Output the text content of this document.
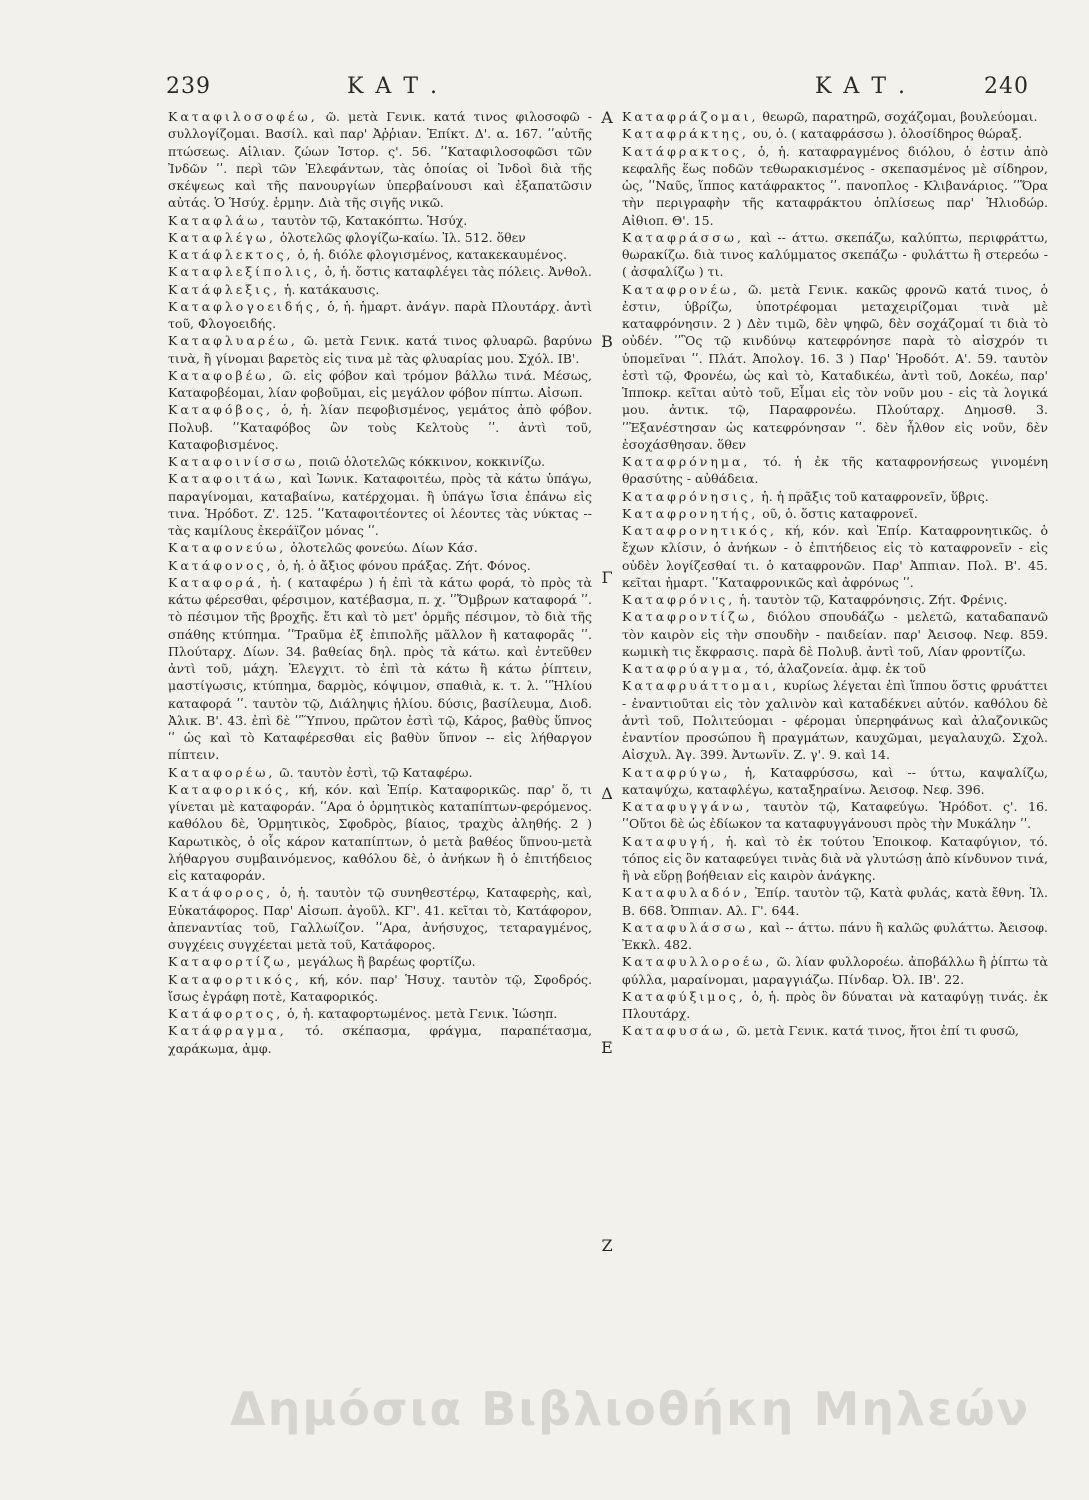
239	ΚΑΤ.	ΚΑΤ.	240
Καταφιλοσοφέω, ῶ. μετὰ Γενικ. κατά τινος φιλοσοφῶ - συλλογίζομαι. Βασίλ. καὶ παρ' Ἀῤῥιαν. Ἐπίκτ. Δ'. α. 167. ʹʹαὐτῆς πτώσεως. Αἰλιαν. ζώων Ἱστορ. ς'. 56. ʹʹΚαταφιλοσοφῶσι τῶν Ἰνδῶν ʹʹ. περὶ τῶν Ἐλεφάντων, τὰς ὁποίας οἱ Ἰνδοὶ διὰ τῆς σκέψεως καὶ τῆς πανουργίων ὑπερβαίνουσι καὶ ἐξαπατῶσιν αὐτάς. Ὁ Ἡσύχ. ἑρμην. Διὰ τῆς σιγῆς νικῶ.
Καταφλάω, ταυτὸν τῷ, Κατακόπτω. Ἡσύχ.
Καταφλέγω, ὁλοτελῶς φλογίζω-καίω. Ἰλ. 512. ὅθεν
Κατάφλεκτος, ὁ, ἡ. διόλε φλογισμένος, κατακεκαυμένος.
Καταφλεξίπολις, ὁ, ἡ. ὅστις καταφλέγει τὰς πόλεις. Ἀνθολ.
Κατάφλεξις, ἡ. κατάκαυσις.
Καταφλογοειδής, ὁ, ἡ. ἡμαρτ. ἀνάγν. παρὰ Πλουτάρχ. ἀντὶ τοῦ, Φλογοειδής.
Καταφλυαρέω, ῶ. μετὰ Γενικ. κατά τινος φλυαρῶ. βαρύνω τινὰ, ἢ γίνομαι βαρετὸς εἰς τινα μὲ τὰς φλυαρίας μου. Σχόλ. ΙΒ'.
Καταφοβέω, ῶ. εἰς φόβον καὶ τρόμον βάλλω τινά. Μέσως, Καταφοβέομαι, λίαν φοβοῦμαι, εἰς μεγάλον φόβον πίπτω. Αἰσωπ.
Καταφόβος, ὁ, ἡ. λίαν πεφοβισμένος, γεμάτος ἀπὸ φόβον. Πολυβ. ʹʹΚαταφόβος ὢν τοὺς Κελτοὺς ʹʹ. ἀντὶ τοῦ, Καταφοβισμένος.
Καταφοινίσσω, ποιῶ ὁλοτελῶς κόκκινον, κοκκινίζω.
Καταφοιτάω, καὶ Ἰωνικ. Καταφοιτέω, πρὸς τὰ κάτω ὑπάγω, παραγίνομαι, καταβαίνω, κατέρχομαι. ἢ ὑπάγω ἴσια ἐπάνω εἰς τινα. Ἡρόδοτ. Ζ'. 125. ʹʹΚαταφοιτέοντες οἱ λέοντες τὰς νύκτας -- τὰς καμίλους ἐκεράϊζον μόνας ʹʹ.
Καταφονεύω, ὁλοτελῶς φονεύω. Δίων Κάσ.
Κατάφονος, ὁ, ἡ. ὁ ἄξιος φόνου πράξας. Ζήτ. Φόνος.
Καταφορά, ἡ. ( καταφέρω ) ἡ ἐπὶ τὰ κάτω φορά, τὸ πρὸς τὰ κάτω φέρεσθαι, φέρσιμον, κατέβασμα, π. χ. ʹʹὌμβρων καταφορά ʹʹ. τὸ πέσιμον τῆς βροχῆς. ἔτι καὶ τὸ μετ' ὁρμῆς πέσιμον, τὸ διὰ τῆς σπάθης κτύπημα. ʹʹΤραῦμα ἐξ ἐπιπολῆς μᾶλλον ἢ καταφορᾶς ʹʹ. Πλούταρχ. Δίων. 34. βαθείας δηλ. πρὸς τὰ κάτω. καὶ ἐντεῦθεν ἀντὶ τοῦ, μάχη. Ἐλεγχιτ. τὸ ἐπὶ τὰ κάτω ἢ κάτω ῥίπτειν, μαστίγωσις, κτύπημα, δαρμὸς, κόψιμον, σπαθιὰ, κ. τ. λ. ʹʹἩλίου καταφορά ʹʹ. ταυτὸν τῷ, Διάληψις ἡλίου. δύσις, βασίλευμα, Διοδ. Ἀλικ. Β'. 43. ἐπὶ δὲ ʹʹὝπνου, πρῶτον ἐστὶ τῷ, Κάρος, βαθὺς ὕπνος ʹʹ ὡς καὶ τὸ Καταφέρεσθαι εἰς βαθὺν ὕπνον -- εἰς λήθαργον πίπτειν.
Καταφορέω, ῶ. ταυτὸν ἐστὶ, τῷ Καταφέρω.
Καταφορικός, κή, κόν. καὶ Ἐπίρ. Καταφορικῶς. παρ' ὅ, τι γίνεται μὲ καταφοράν. ʹʹΑρα ὁ ὁρμητικὸς καταπίπτων-φερόμενος. καθόλου δὲ, Ὁρμητικὸς, Σφοδρὸς, βίαιος, τραχὺς ἀληθής. 2 ) Καρωτικὸς, ὁ οἷς κάρον καταπίπτων, ὁ μετὰ βαθέος ὕπνου-μετὰ λήθαργου συμβαινόμενος, καθόλου δὲ, ὁ ἀνήκων ἢ ὁ ἐπιτήδειος εἰς καταφοράν.
Κατάφορος, ὁ, ἡ. ταυτὸν τῷ συνηθεστέρῳ, Καταφερὴς, καὶ, Εὐκατάφορος. Παρ' Αἰσωπ. ἀγοῦλ. ΚΓ'. 41. κεῖται τὸ, Κατάφορον, ἀπεναντίας τοῦ, Γαλλωίζον. ʹʹΑρα, ἀνήσυχος, τεταραγμένος, συγχέεις συγχέεται μετὰ τοῦ, Κατάφορος.
Καταφορτίζω, μεγάλως ἢ βαρέως φορτίζω.
Καταφορτικός, κή, κόν. παρ' Ἡσυχ. ταυτὸν τῷ, Σφοδρός. ἴσως ἐγράφη ποτὲ, Καταφορικός.
Κατάφορτος, ὁ, ἡ. καταφορτωμένος. μετὰ Γενικ. Ἰώσηπ.
Κατάφραγμα, τό. σκέπασμα, φράγμα, παραπέτασμα, χαράκωμα, ἀμφ.
Α
Β
Γ
Δ
Ε
Ζ
Καταφράζομαι, θεωρῶ, παρατηρῶ, σοχάζομαι, βουλεύομαι.
Καταφράκτης, ου, ὁ. ( καταφράσσω ). ὁλοσίδηρος θώραξ.
Κατάφρακτος, ὁ, ἡ. καταφραγμένος διόλου, ὁ ἐστιν ἀπὸ κεφαλῆς ἕως ποδῶν τεθωρακισμένος - σκεπασμένος μὲ σίδηρον, ὡς, ʹʹΝαῦς, ἵππος κατάφρακτος ʹʹ. πανοπλος - Κλιβανάριος. ʹʹὍρα τὴν περιγραφὴν τῆς καταφράκτου ὁπλίσεως παρ' Ἡλιοδώρ. Αἰθιοπ. Θ'. 15.
Καταφράσσω, καὶ -- άττω. σκεπάζω, καλύπτω, περιφράττω, θωρακίζω. διὰ τινος καλύμματος σκεπάζω - φυλάττω ἢ στερεόω - ( ἀσφαλίζω ) τι.
Καταφρονέω, ῶ. μετὰ Γενικ. κακῶς φρονῶ κατά τινος, ὁ ἐστιν, ὑβρίζω, ὑποτρέφομαι μεταχειρίζομαι τινὰ μὲ καταφρόνησιν. 2 ) Δὲν τιμῶ, δὲν ψηφῶ, δὲν σοχάζομαί τι διὰ τὸ οὐδέν. ʹʹὋς τῷ κινδύνῳ κατεφρόνησε παρὰ τὸ αἰσχρόν τι ὑπομεῖναι ʹʹ. Πλάτ. Ἀπολογ. 16. 3 ) Παρ' Ἡροδότ. Α'. 59. ταυτὸν ἐστὶ τῷ, Φρονέω, ὡς καὶ τὸ, Καταδικέω, ἀντὶ τοῦ, Δοκέω, παρ' Ἱπποκρ. κεῖται αὐτὸ τοῦ, Εἶμαι εἰς τὸν νοῦν μου - εἰς τὰ λογικά μου. ἀντικ. τῷ, Παραφρονέω. Πλούταρχ. Δημοσθ. 3. ʹʹἘξανέστησαν ὡς κατεφρόνησαν ʹʹ. δὲν ἦλθον εἰς νοῦν, δὲν ἐσοχάσθησαν. ὅθεν
Καταφρόνημα, τό. ἡ ἐκ τῆς καταφρονήσεως γινομένη θρασύτης - αὐθάδεια.
Καταφρόνησις, ἡ. ἡ πρᾶξις τοῦ καταφρονεῖν, ὕβρις.
Καταφρονητής, οῦ, ὁ. ὅστις καταφρονεῖ.
Καταφρονητικός, κή, κόν. καὶ Ἐπίρ. Καταφρονητικῶς. ὁ ἔχων κλίσιν, ὁ ἀνήκων - ὁ ἐπιτήδειος εἰς τὸ καταφρονεῖν - εἰς οὐδὲν λογίζεσθαί τι. ὁ καταφρονῶν. Παρ' Ἀππιαν. Πολ. Β'. 45. κεῖται ἡμαρτ. ʹʹΚαταφρονικῶς καὶ ἀφρόνως ʹʹ.
Καταφρόνις, ἡ. ταυτὸν τῷ, Καταφρόνησις. Ζήτ. Φρένις.
Καταφροντίζω, διόλου σπουδάζω - μελετῶ, καταδαπανῶ τὸν καιρὸν εἰς τὴν σπουδὴν - παιδείαν. παρ' Ἀεισοφ. Νεφ. 859. κωμικὴ τις ἔκφρασις. παρὰ δὲ Πολυβ. ἀντὶ τοῦ, Λίαν φροντίζω.
Καταφρύαγμα, τό, ἀλαζονεία. ἀμφ. ἐκ τοῦ
Καταφρυάττομαι, κυρίως λέγεται ἐπὶ ἵππου ὅστις φρυάττει - ἐναντιοῦται εἰς τὸν χαλινὸν καὶ καταδέκνει αὐτόν. καθόλου δὲ ἀντὶ τοῦ, Πολιτεύομαι - φέρομαι ὑπερηφάνως καὶ ἀλαζονικῶς ἐναντίον προσώπου ἢ πραγμάτων, καυχῶμαι, μεγαλαυχῶ. Σχολ. Αἰσχυλ. Ἀγ. 399. Ἀντωνῖν. Ζ. γ'. 9. καὶ 14.
Καταφρύγω, ἡ, Καταφρύσσω, καὶ -- ύττω, καψαλίζω, καταψύχω, καταφλέγω, καταξηραίνω. Ἀεισοφ. Νεφ. 396.
Καταφυγγάνω, ταυτὸν τῷ, Καταφεύγω. Ἡρόδοτ. ς'. 16. ʹʹΟὕτοι δὲ ὡς ἐδίωκον τα καταφυγγάνουσι πρὸς τὴν Μυκάλην ʹʹ.
Καταφυγή, ἡ. καὶ τὸ ἐκ τούτου Ἐποικοφ. Καταφύγιον, τό. τόπος εἰς ὃν καταφεύγει τινὰς διὰ νὰ γλυτώσῃ ἀπὸ κίνδυνον τινά, ἢ νὰ εὕρῃ βοήθειαν εἰς καιρὸν ἀνάγκης.
Καταφυλαδόν, Ἐπίρ. ταυτὸν τῷ, Κατὰ φυλάς, κατὰ ἔθνη. Ἰλ. Β. 668. Ὀππιαν. Αλ. Γ'. 644.
Καταφυλάσσω, καὶ -- άττω. πάνυ ἢ καλῶς φυλάττω. Ἀεισοφ. Ἐκκλ. 482.
Καταφυλλοροέω, ῶ. λίαν φυλλοροέω. ἀποβάλλω ἢ ῥίπτω τὰ φύλλα, μαραίνομαι, μαραγγιάζω. Πίνδαρ. Ὀλ. ΙΒ'. 22.
Καταφύξιμος, ὁ, ἡ. πρὸς ὃν δύναται νὰ καταφύγῃ τινάς. ἐκ Πλουτάρχ.
Καταφυσάω, ῶ. μετὰ Γενικ. κατά τινος, ἤτοι ἐπί τι φυσῶ,
Δημόσια Βιβλιοθήκη Μηλεών
